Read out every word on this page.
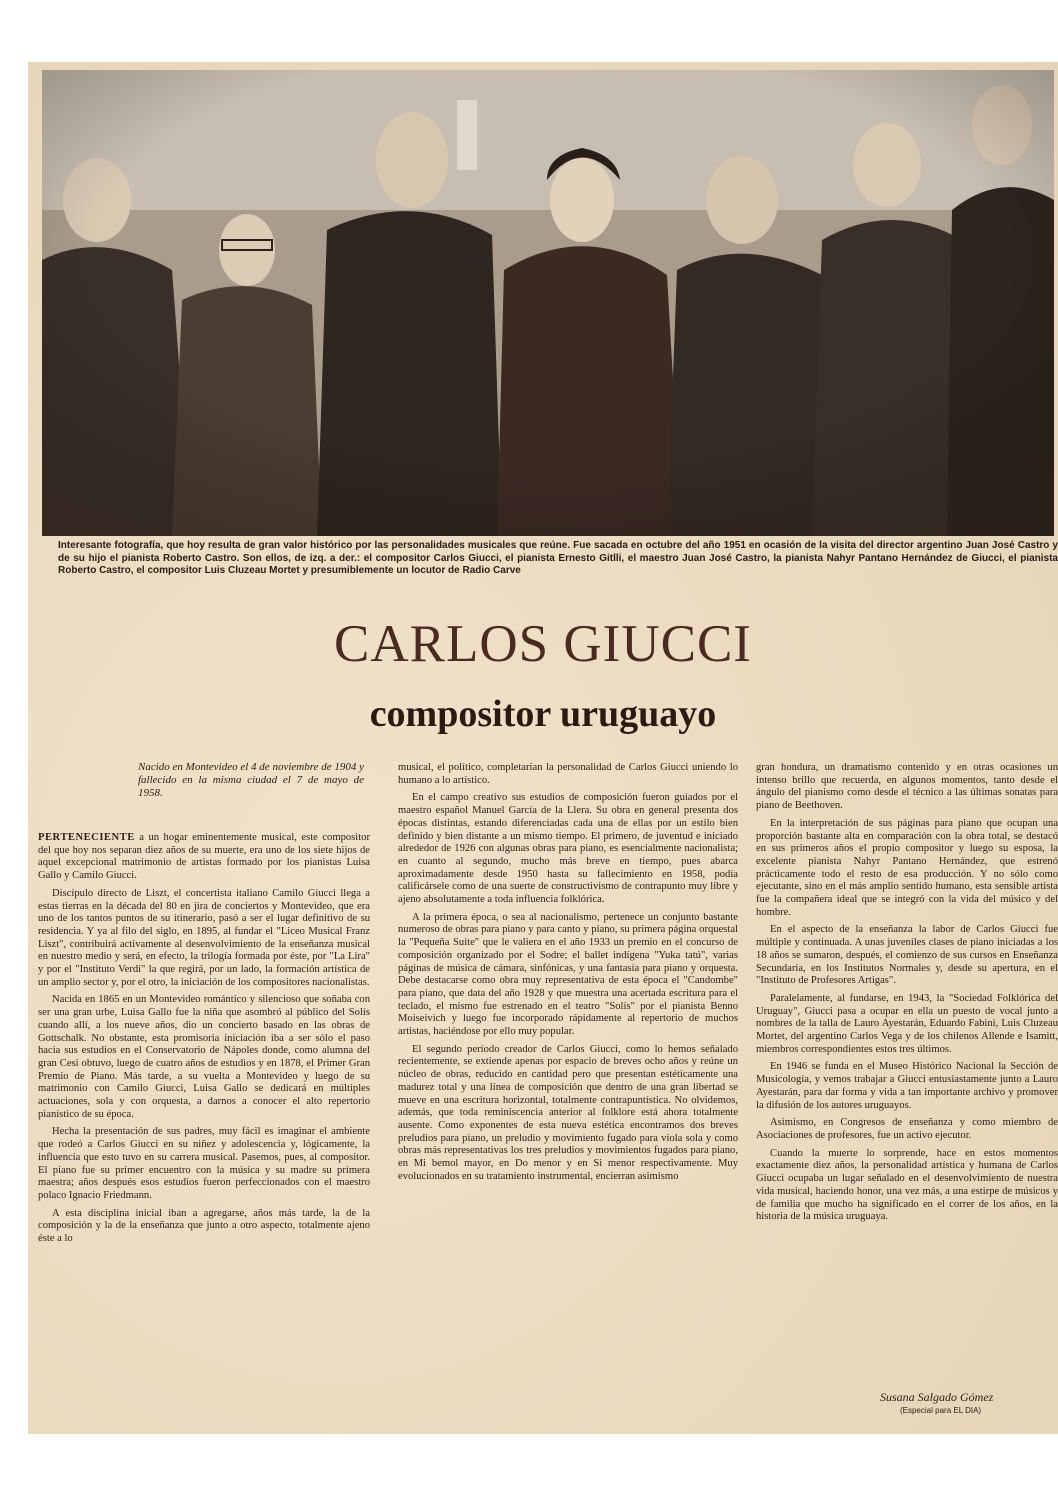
Interesante fotografía, que hoy resulta de gran valor histórico por las personalidades musicales que reúne. Fue sacada en octubre del año 1951 en ocasión de la visita del director argentino Juan José Castro y de su hijo el pianista Roberto Castro. Son ellos, de izq. a der.: el compositor Carlos Giucci, el pianista Ernesto Gitlli, el maestro Juan José Castro, la pianista Nahyr Pantano Hernández de Giucci, el pianista Roberto Castro, el compositor Luis Cluzeau Mortet y presumiblemente un locutor de Radio Carve
CARLOS GIUCCI
compositor uruguayo
Nacido en Montevideo el 4 de noviembre de 1904 y fallecido en la misma ciudad el 7 de mayo de 1958.

PERTENECIENTE a un hogar eminentemente musical, este compositor del que hoy nos separan diez años de su muerte, era uno de los siete hijos de aquel excepcional matrimonio de artistas formado por los pianistas Luisa Gallo y Camilo Giucci.

Discípulo directo de Liszt, el concertista italiano Camilo Giucci llega a estas tierras en la década del 80 en jira de conciertos y Montevideo, que era uno de los tantos puntos de su itinerario, pasó a ser el lugar definitivo de su residencia. Y ya al filo del siglo, en 1895, al fundar el "Liceo Musical Franz Liszt", contribuirá activamente al desenvolvimiento de la enseñanza musical en nuestro medio y será, en efecto, la trilogía formada por éste, por "La Lira" y por el "Instituto Verdi" la que regirá, por un lado, la formación artística de un amplio sector y, por el otro, la iniciación de los compositores nacionalistas.

Nacida en 1865 en un Montevideo romántico y silencioso que soñaba con ser una gran urbe, Luisa Gallo fue la niña que asombró al público del Solís cuando allí, a los nueve años, dio un concierto basado en las obras de Gottschalk. No obstante, esta promisoria iniciación iba a ser sólo el paso hacia sus estudios en el Conservatorio de Nápoles donde, como alumna del gran Cesi obtuvo, luego de cuatro años de estudios y en 1878, el Primer Gran Premio de Piano. Más tarde, a su vuelta a Montevideo y luego de su matrimonio con Camilo Giucci, Luisa Gallo se dedicará en múltiples actuaciones, sola y con orquesta, a darnos a conocer el alto repertorio pianístico de su época.

Hecha la presentación de sus padres, muy fácil es imaginar el ambiente que rodeó a Carlos Giucci en su niñez y adolescencia y, lógicamente, la influencia que esto tuvo en su carrera musical. Pasemos, pues, al compositor. El piano fue su primer encuentro con la música y su madre su primera maestra; años después esos estudios fueron perfeccionados con el maestro polaco Ignacio Friedmann.

A esta disciplina inicial iban a agregarse, años más tarde, la de la composición y la de la enseñanza que junto a otro aspecto, totalmente ajeno éste a lo

musical, el político, completarían la personalidad de Carlos Giucci uniendo lo humano a lo artístico.

En el campo creativo sus estudios de composición fueron guiados por el maestro español Manuel García de la Llera. Su obra en general presenta dos épocas distintas, estando diferenciadas cada una de ellas por un estilo bien definido y bien distante a un mismo tiempo. El primero, de juventud e iniciado alrededor de 1926 con algunas obras para piano, es esencialmente nacionalista; en cuanto al segundo, mucho más breve en tiempo, pues abarca aproximadamente desde 1950 hasta su fallecimiento en 1958, podía calificársele como de una suerte de constructivismo de contrapunto muy libre y ajeno absolutamente a toda influencia folklórica.

A la primera época, o sea al nacionalismo, pertenece un conjunto bastante numeroso de obras para piano y para canto y piano, su primera página orquestal la "Pequeña Suite" que le valiera en el año 1933 un premio en el concurso de composición organizado por el Sodre; el ballet indígena "Yuka tatú", varias páginas de música de cámara, sinfónicas, y una fantasía para piano y orquesta. Debe destacarse como obra muy representativa de esta época el "Candombe" para piano, que data del año 1928 y que muestra una acertada escritura para el teclado, el mismo fue estrenado en el teatro "Solís" por el pianista Benno Moiseivich y luego fue incorporado rápidamente al repertorio de muchos artistas, haciéndose por ello muy popular.

El segundo período creador de Carlos Giucci, como lo hemos señalado recientemente, se extiende apenas por espacio de breves ocho años y reúne un núcleo de obras, reducido en cantidad pero que presentan estéticamente una madurez total y una línea de composición que dentro de una gran libertad se mueve en una escritura horizontal, totalmente contrapuntística. No olvidemos, además, que toda reminiscencia anterior al folklore está ahora totalmente ausente. Como exponentes de esta nueva estética encontramos dos breves preludios para piano, un preludio y movimiento fugado para viola sola y como obras más representativas los tres preludios y movimientos fugados para piano, en Mi bemol mayor, en Do menor y en Si menor respectivamente. Muy evolucionados en su tratamiento instrumental, encierran asimismo

gran hondura, un dramatismo contenido y en otras ocasiones un intenso brillo que recuerda, en algunos momentos, tanto desde el ángulo del pianismo como desde el técnico a las últimas sonatas para piano de Beethoven.

En la interpretación de sus páginas para piano que ocupan una proporción bastante alta en comparación con la obra total, se destacó en sus primeros años el propio compositor y luego su esposa, la excelente pianista Nahyr Pantano Hernández, que estrenó prácticamente todo el resto de esa producción. Y no sólo como ejecutante, sino en el más amplio sentido humano, esta sensible artista fue la compañera ideal que se integró con la vida del músico y del hombre.

En el aspecto de la enseñanza la labor de Carlos Giucci fue múltiple y continuada. A unas juveniles clases de piano iniciadas a los 18 años se sumaron, después, el comienzo de sus cursos en Enseñanza Secundaria, en los Institutos Normales y, desde su apertura, en el "Instituto de Profesores Artigas".

Paralelamente, al fundarse, en 1943, la "Sociedad Folklórica del Uruguay", Giucci pasa a ocupar en ella un puesto de vocal junto a nombres de la talla de Lauro Ayestarán, Eduardo Fabini, Luis Cluzeau Mortet, del argentino Carlos Vega y de los chilenos Allende e Isamitt, miembros correspondientes estos tres últimos.

En 1946 se funda en el Museo Histórico Nacional la Sección de Musicología, y vemos trabajar a Giucci entusiastamente junto a Lauro Ayestarán, para dar forma y vida a tan importante archivo y promover la difusión de los autores uruguayos.

Asimismo, en Congresos de enseñanza y como miembro de Asociaciones de profesores, fue un activo ejecutor.

Cuando la muerte lo sorprende, hace en estos momentos exactamente diez años, la personalidad artística y humana de Carlos Giucci ocupaba un lugar señalado en el desenvolvimiento de nuestra vida musical, haciendo honor, una vez más, a una estirpe de músicos y de familia que mucho ha significado en el correr de los años, en la historia de la música uruguaya.

Susana Salgado Gómez
(Especial para EL DIA)
